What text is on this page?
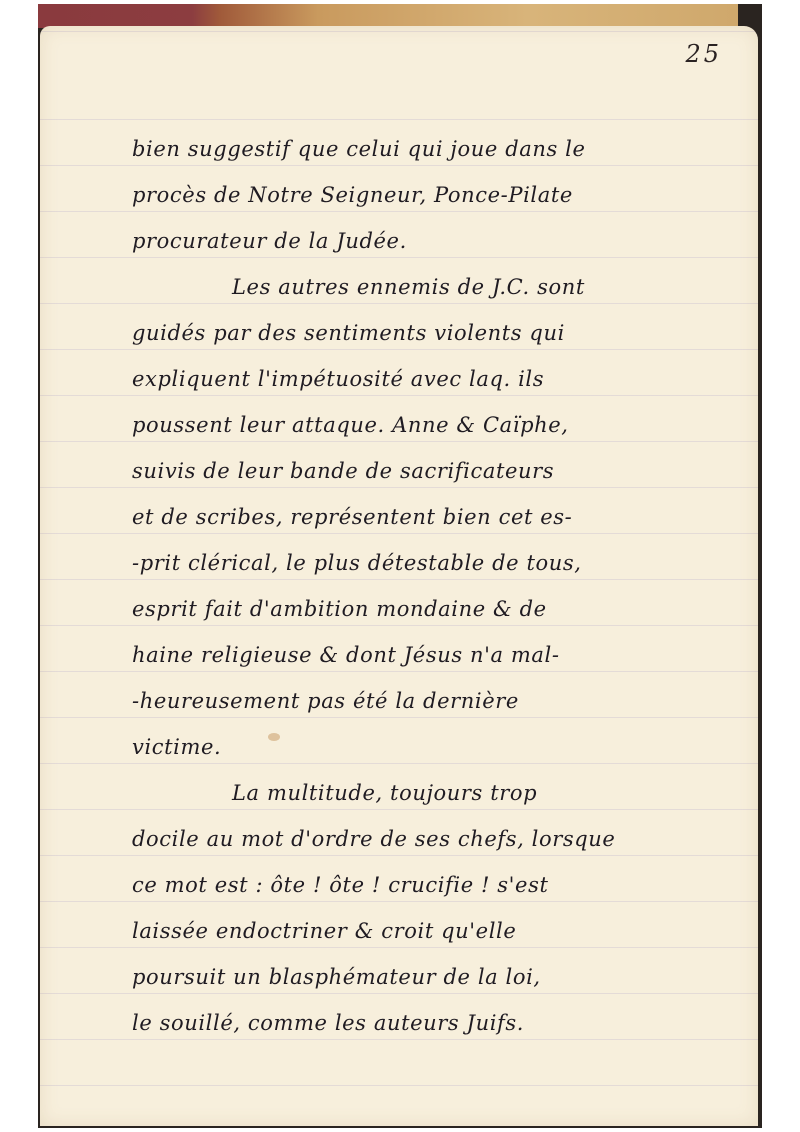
25
bien suggestif que celui qui joue dans le
procès de Notre Seigneur, Ponce-Pilate
procurateur de la Judée.
Les autres ennemis de J.C. sont
guidés par des sentiments violents qui
expliquent l'impétuosité avec laq. ils
poussent leur attaque. Anne & Caïphe,
suivis de leur bande de sacrificateurs
et de scribes, représentent bien cet es-
-prit clérical, le plus détestable de tous,
esprit fait d'ambition mondaine & de
haine religieuse & dont Jésus n'a mal-
-heureusement pas été la dernière
victime.
La multitude, toujours trop
docile au mot d'ordre de ses chefs, lorsque
ce mot est : ôte ! ôte ! crucifie ! s'est
laissée endoctriner & croit qu'elle
poursuit un blasphémateur de la loi,
le souillé, comme les auteurs Juifs.
